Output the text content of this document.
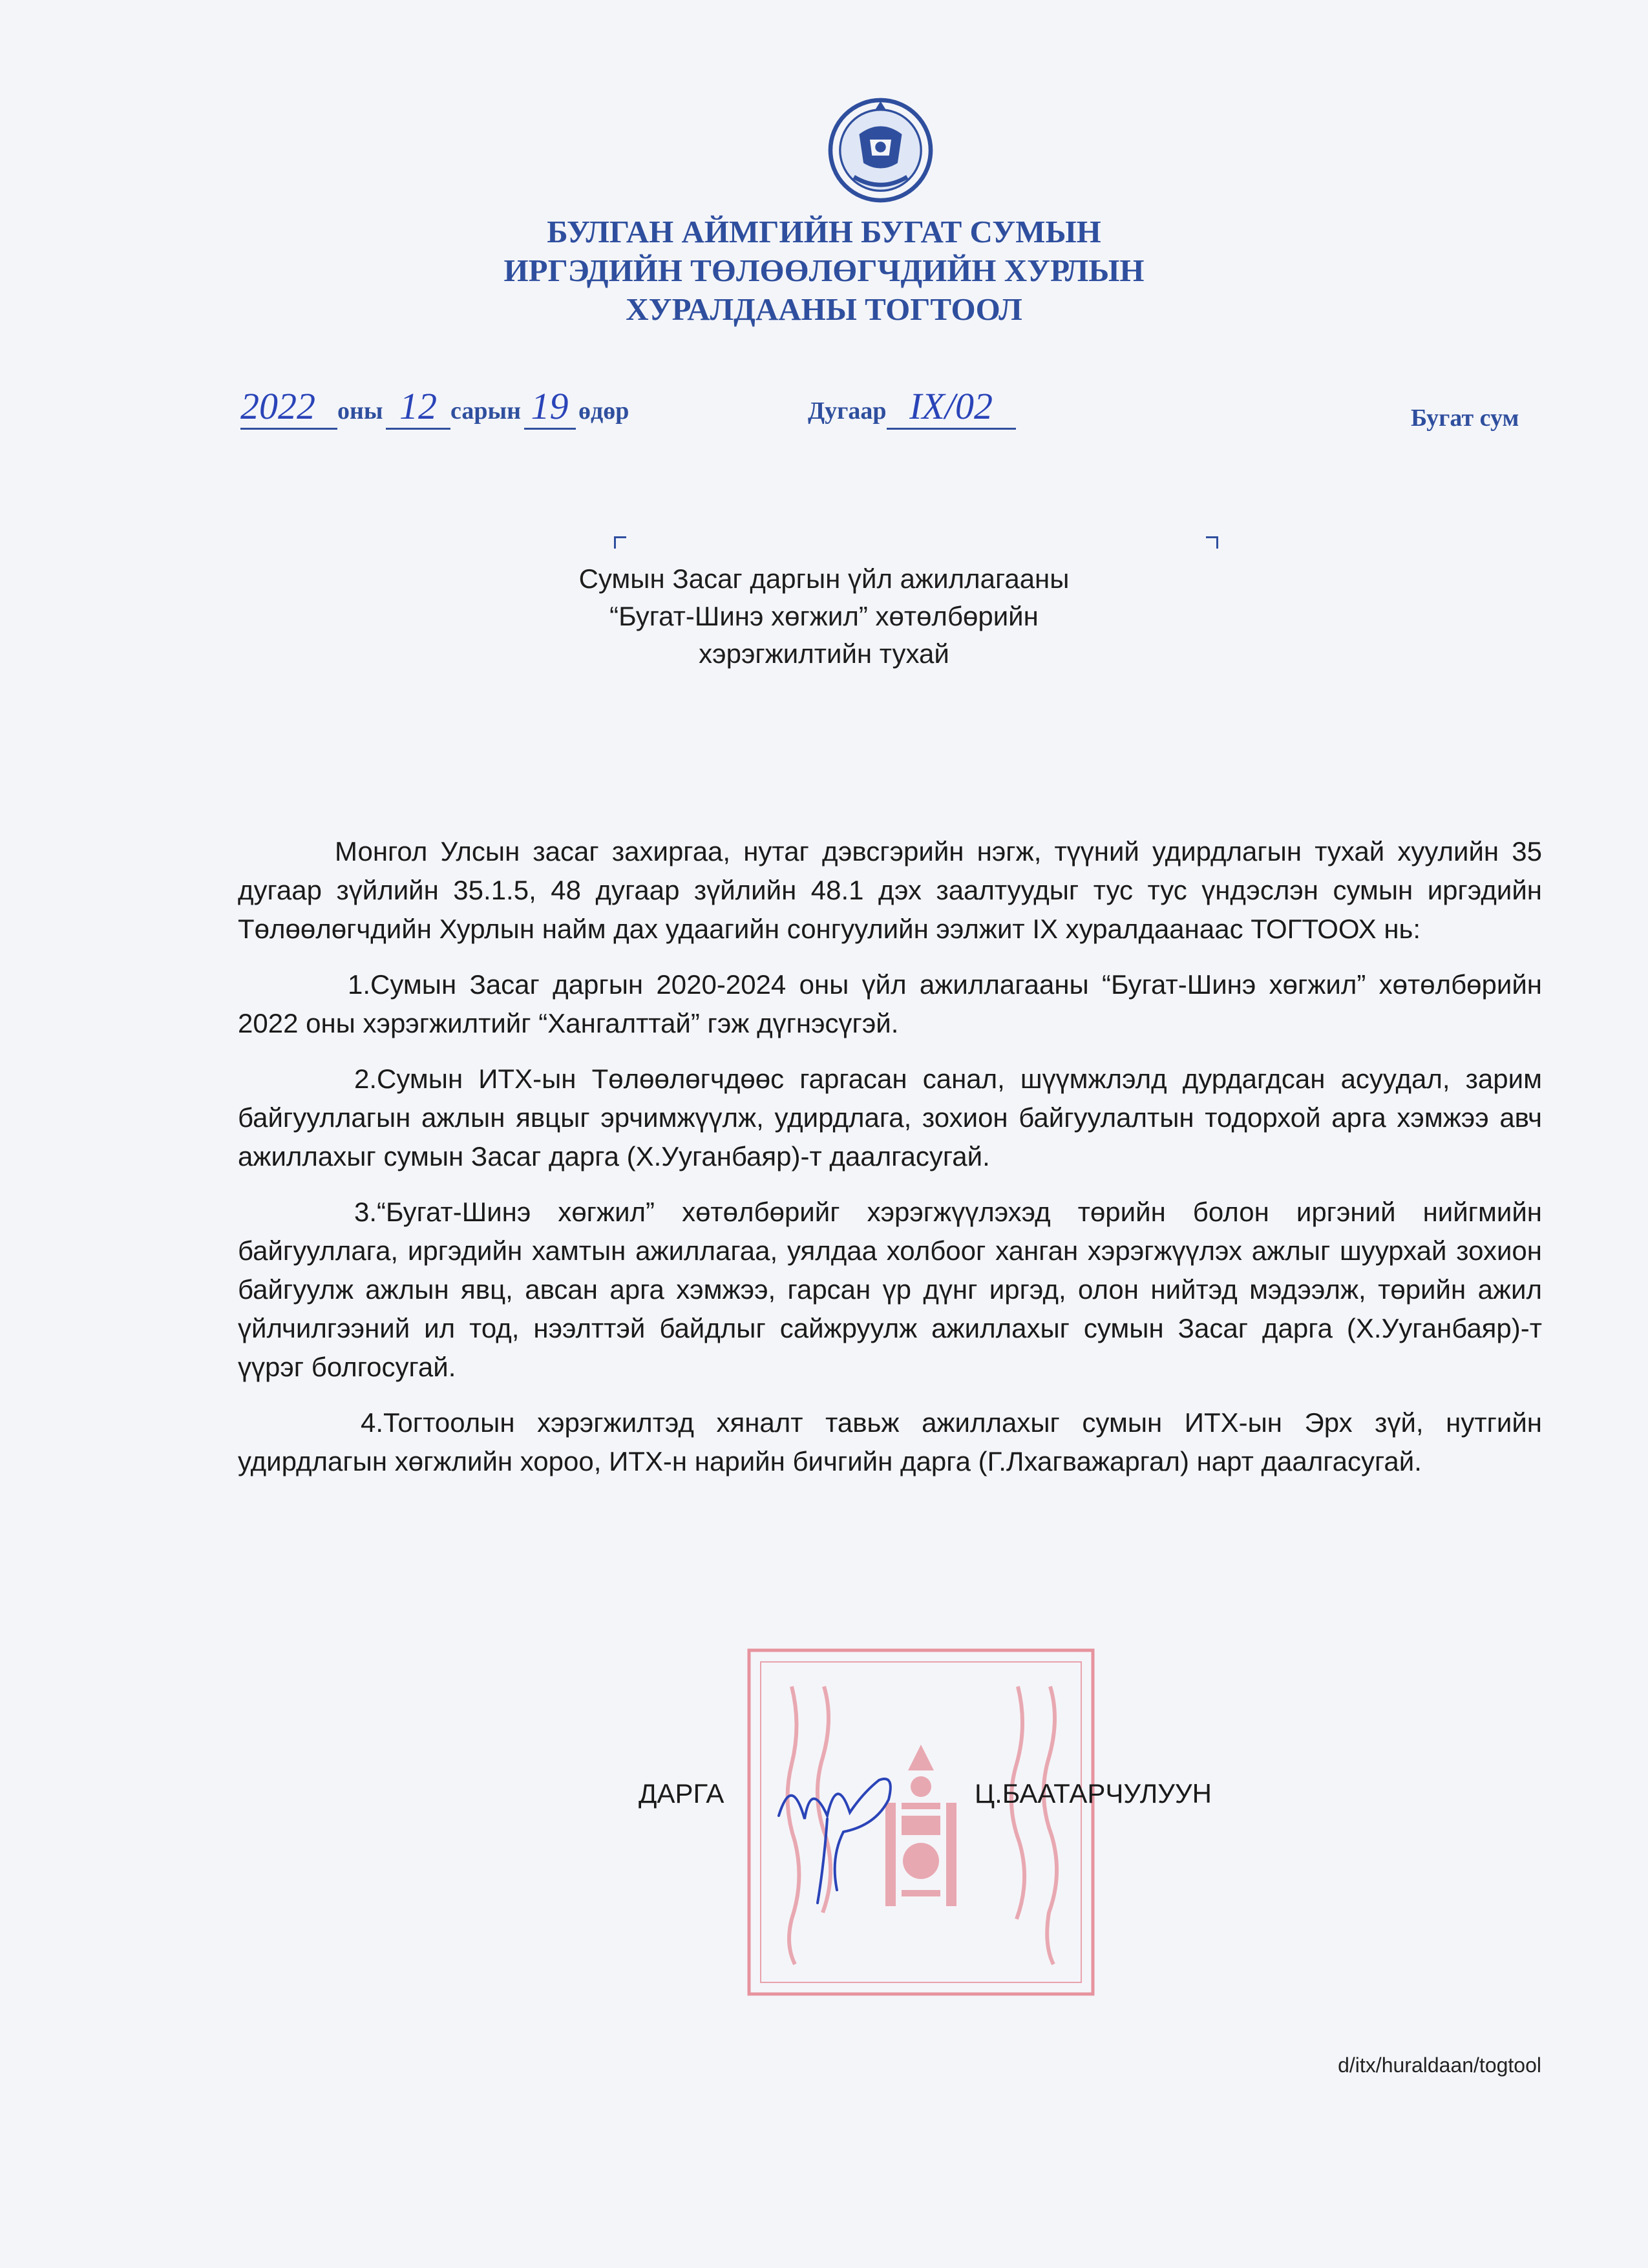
БУЛГАН АЙМГИЙН БУГАТ СУМЫН
ИРГЭДИЙН ТӨЛӨӨЛӨГЧДИЙН ХУРЛЫН
ХУРАЛДААНЫ ТОГТООЛ
2022 оны 12 сарын 19 өдөр	Дугаар IX/02	Бугат сум
Сумын Засаг даргын үйл ажиллагааны
“Бугат-Шинэ хөгжил” хөтөлбөрийн
хэрэгжилтийн тухай

Монгол Улсын засаг захиргаа, нутаг дэвсгэрийн нэгж, түүний удирдлагын тухай хуулийн 35 дугаар зүйлийн 35.1.5, 48 дугаар зүйлийн 48.1 дэх заалтуудыг тус тус үндэслэн сумын иргэдийн Төлөөлөгчдийн Хурлын найм дах удаагийн сонгуулийн ээлжит IX хуралдаанаас ТОГТООХ нь:

1.Сумын Засаг даргын 2020-2024 оны үйл ажиллагааны “Бугат-Шинэ хөгжил” хөтөлбөрийн 2022 оны хэрэгжилтийг “Хангалттай” гэж дүгнэсүгэй.

2.Сумын ИТХ-ын Төлөөлөгчдөөс гаргасан санал, шүүмжлэлд дурдагдсан асуудал, зарим байгууллагын ажлын явцыг эрчимжүүлж, удирдлага, зохион байгуулалтын тодорхой арга хэмжээ авч ажиллахыг сумын Засаг дарга (Х.Ууганбаяр)-т даалгасугай.

3.“Бугат-Шинэ хөгжил” хөтөлбөрийг хэрэгжүүлэхэд төрийн болон иргэний нийгмийн байгууллага, иргэдийн хамтын ажиллагаа, уялдаа холбоог ханган хэрэгжүүлэх ажлыг шуурхай зохион байгуулж ажлын явц, авсан арга хэмжээ, гарсан үр дүнг иргэд, олон нийтэд мэдээлж, төрийн ажил үйлчилгээний ил тод, нээлттэй байдлыг сайжруулж ажиллахыг сумын Засаг дарга (Х.Ууганбаяр)-т үүрэг болгосугай.

4.Тогтоолын хэрэгжилтэд хяналт тавьж ажиллахыг сумын ИТХ-ын Эрх зүй, нутгийн удирдлагын хөгжлийн хороо, ИТХ-н нарийн бичгийн дарга (Г.Лхагважаргал) нарт даалгасугай.

ДАРГА	Ц.БААТАРЧУЛУУН
d/itx/huraldaan/togtool
